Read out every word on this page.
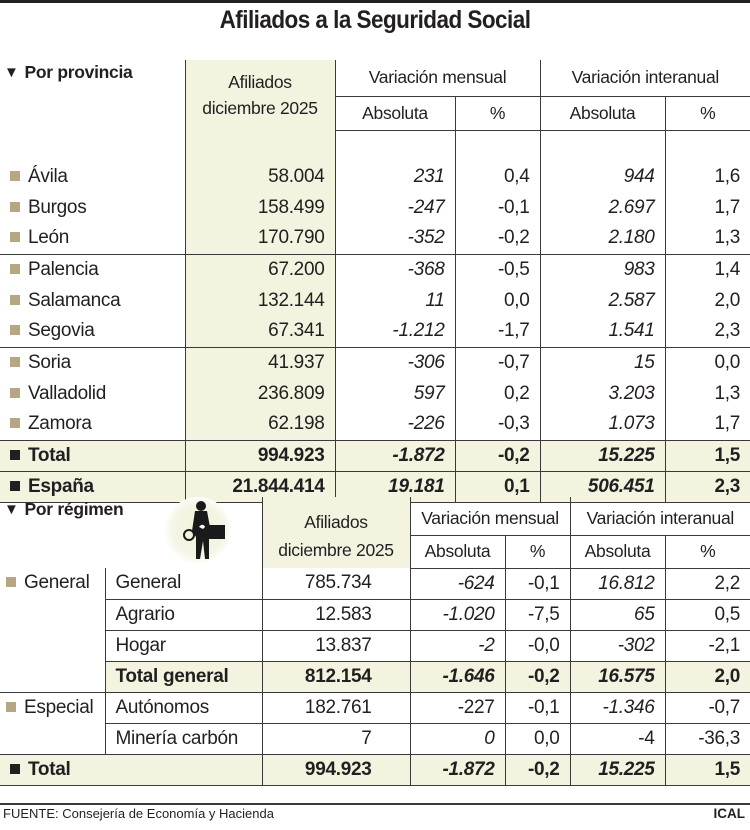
Afiliados a la Seguridad Social
▼ Por provincia	Afiliados
diciembre 2025	Variación mensual		Variación interanual	
		Absoluta	%	Absoluta	%

Ávila	58.004	231	0,4	944	1,6
Burgos	158.499	-247	-0,1	2.697	1,7
León	170.790	-352	-0,2	2.180	1,3
Palencia	67.200	-368	-0,5	983	1,4
Salamanca	132.144	11	0,0	2.587	2,0
Segovia	67.341	-1.212	-1,7	1.541	2,3
Soria	41.937	-306	-0,7	15	0,0
Valladolid	236.809	597	0,2	3.203	1,3
Zamora	62.198	-226	-0,3	1.073	1,7
Total	994.923	-1.872	-0,2	15.225	1,5
España	21.844.414	19.181	0,1	506.451	2,3
▼ Por régimen		Afiliados
diciembre 2025	Variación mensual		Variación interanual	
			Absoluta	%	Absoluta	%
General	General	785.734	-624	-0,1	16.812	2,2
	Agrario	12.583	-1.020	-7,5	65	0,5
	Hogar	13.837	-2	-0,0	-302	-2,1
	Total general	812.154	-1.646	-0,2	16.575	2,0
Especial	Autónomos	182.761	-227	-0,1	-1.346	-0,7
	Minería carbón	7	0	0,0	-4	-36,3
Total		994.923	-1.872	-0,2	15.225	1,5
FUENTE: Consejería de Economía y Hacienda	ICAL
